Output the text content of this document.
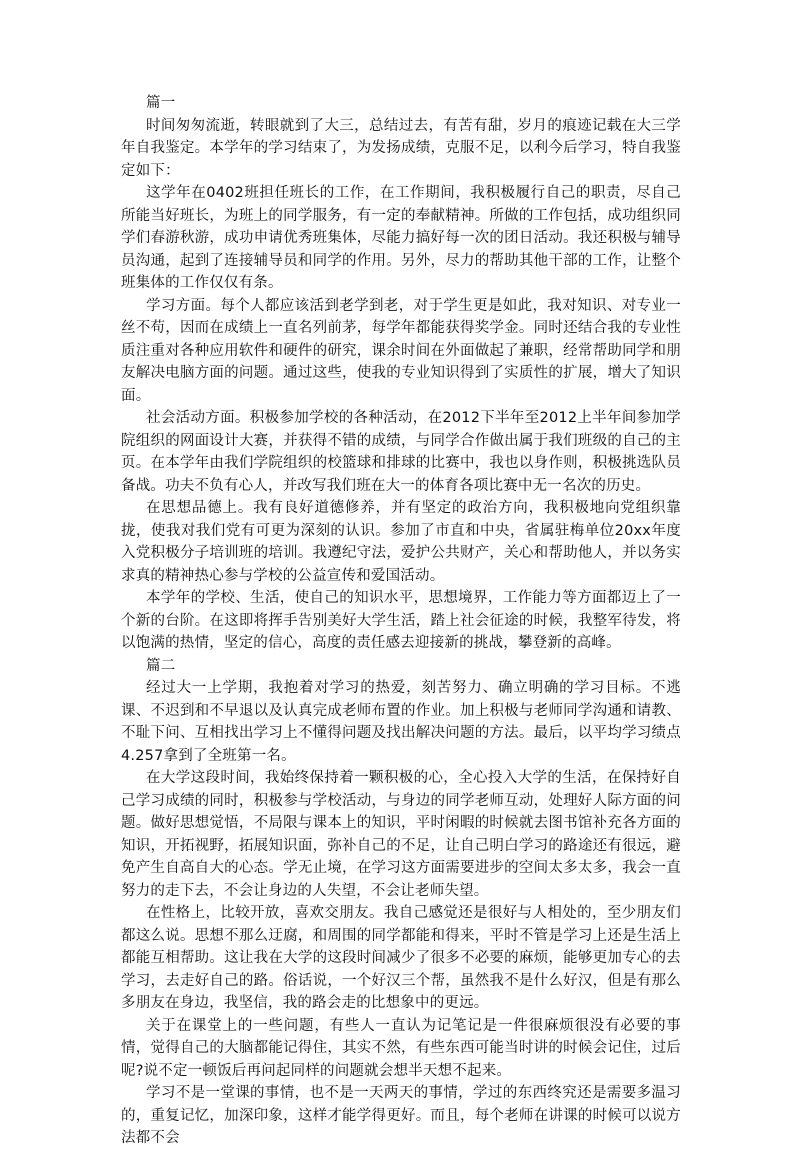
篇一

时间匆匆流逝，转眼就到了大三，总结过去，有苦有甜，岁月的痕迹记载在大三学年自我鉴定。本学年的学习结束了，为发扬成绩，克服不足，以利今后学习，特自我鉴定如下：

这学年在0402班担任班长的工作，在工作期间，我积极履行自己的职责，尽自己所能当好班长，为班上的同学服务，有一定的奉献精神。所做的工作包括，成功组织同学们春游秋游，成功申请优秀班集体，尽能力搞好每一次的团日活动。我还积极与辅导员沟通，起到了连接辅导员和同学的作用。另外，尽力的帮助其他干部的工作，让整个班集体的工作仅仅有条。

学习方面。每个人都应该活到老学到老，对于学生更是如此，我对知识、对专业一丝不苟，因而在成绩上一直名列前茅，每学年都能获得奖学金。同时还结合我的专业性质注重对各种应用软件和硬件的研究，课余时间在外面做起了兼职，经常帮助同学和朋友解决电脑方面的问题。通过这些，使我的专业知识得到了实质性的扩展，增大了知识面。

社会活动方面。积极参加学校的各种活动，在2012下半年至2012上半年间参加学院组织的网面设计大赛，并获得不错的成绩，与同学合作做出属于我们班级的自己的主页。在本学年由我们学院组织的校篮球和排球的比赛中，我也以身作则，积极挑选队员备战。功夫不负有心人，并改写我们班在大一的体育各项比赛中无一名次的历史。

在思想品德上。我有良好道德修养，并有坚定的政治方向，我积极地向党组织靠拢，使我对我们党有可更为深刻的认识。参加了市直和中央，省属驻梅单位20xx年度入党积极分子培训班的培训。我遵纪守法，爱护公共财产，关心和帮助他人，并以务实求真的精神热心参与学校的公益宣传和爱国活动。

本学年的学校、生活，使自己的知识水平，思想境界，工作能力等方面都迈上了一个新的台阶。在这即将挥手告别美好大学生活，踏上社会征途的时候，我整军待发，将以饱满的热情，坚定的信心，高度的责任感去迎接新的挑战，攀登新的高峰。

篇二

经过大一上学期，我抱着对学习的热爱，刻苦努力、确立明确的学习目标。不逃课、不迟到和不早退以及认真完成老师布置的作业。加上积极与老师同学沟通和请教、不耻下问、互相找出学习上不懂得问题及找出解决问题的方法。最后，以平均学习绩点4.257拿到了全班第一名。

在大学这段时间，我始终保持着一颗积极的心，全心投入大学的生活，在保持好自己学习成绩的同时，积极参与学校活动，与身边的同学老师互动，处理好人际方面的问题。做好思想觉悟，不局限与课本上的知识，平时闲暇的时候就去图书馆补充各方面的知识，开拓视野，拓展知识面，弥补自己的不足，让自己明白学习的路途还有很远，避免产生自高自大的心态。学无止境，在学习这方面需要进步的空间太多太多，我会一直努力的走下去，不会让身边的人失望，不会让老师失望。

在性格上，比较开放，喜欢交朋友。我自己感觉还是很好与人相处的，至少朋友们都这么说。思想不那么迂腐，和周围的同学都能和得来，平时不管是学习上还是生活上都能互相帮助。这让我在大学的这段时间减少了很多不必要的麻烦，能够更加专心的去学习，去走好自己的路。俗话说，一个好汉三个帮，虽然我不是什么好汉，但是有那么多朋友在身边，我坚信，我的路会走的比想象中的更远。

关于在课堂上的一些问题，有些人一直认为记笔记是一件很麻烦很没有必要的事情，觉得自己的大脑都能记得住，其实不然，有些东西可能当时讲的时候会记住，过后呢?说不定一顿饭后再问起同样的问题就会想半天想不起来。

学习不是一堂课的事情，也不是一天两天的事情，学过的东西终究还是需要多温习的，重复记忆，加深印象，这样才能学得更好。而且，每个老师在讲课的时候可以说方法都不会
